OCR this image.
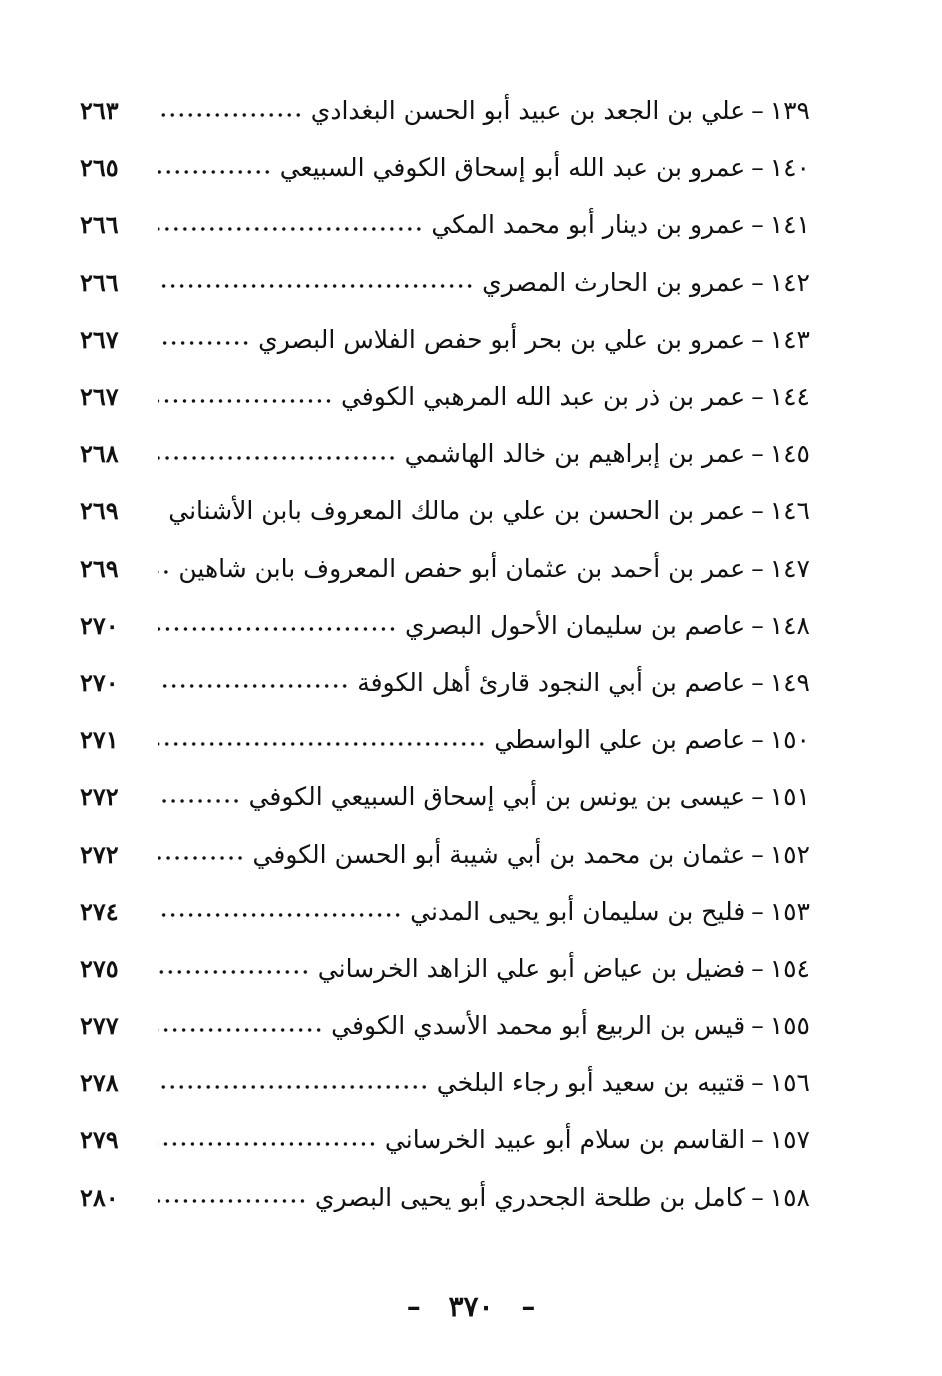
١٣٩
–
علي بن الجعد بن عبيد أبو الحسن البغدادي
٢٦٣
١٤٠
–
عمرو بن عبد الله أبو إسحاق الكوفي السبيعي
٢٦٥
١٤١
–
عمرو بن دينار أبو محمد المكي
٢٦٦
١٤٢
–
عمرو بن الحارث المصري
٢٦٦
١٤٣
–
عمرو بن علي بن بحر أبو حفص الفلاس البصري
٢٦٧
١٤٤
–
عمر بن ذر بن عبد الله المرهبي الكوفي
٢٦٧
١٤٥
–
عمر بن إبراهيم بن خالد الهاشمي
٢٦٨
١٤٦
–
عمر بن الحسن بن علي بن مالك المعروف بابن الأشناني
٢٦٩
١٤٧
–
عمر بن أحمد بن عثمان أبو حفص المعروف بابن شاهين
٢٦٩
١٤٨
–
عاصم بن سليمان الأحول البصري
٢٧٠
١٤٩
–
عاصم بن أبي النجود قارئ أهل الكوفة
٢٧٠
١٥٠
–
عاصم بن علي الواسطي
٢٧١
١٥١
–
عيسى بن يونس بن أبي إسحاق السبيعي الكوفي
٢٧٢
١٥٢
–
عثمان بن محمد بن أبي شيبة أبو الحسن الكوفي
٢٧٢
١٥٣
–
فليح بن سليمان أبو يحيى المدني
٢٧٤
١٥٤
–
فضيل بن عياض أبو علي الزاهد الخرساني
٢٧٥
١٥٥
–
قيس بن الربيع أبو محمد الأسدي الكوفي
٢٧٧
١٥٦
–
قتيبه بن سعيد أبو رجاء البلخي
٢٧٨
١٥٧
–
القاسم بن سلام أبو عبيد الخرساني
٢٧٩
١٥٨
–
كامل بن طلحة الجحدري أبو يحيى البصري
٢٨٠
– ٣٧٠ –
